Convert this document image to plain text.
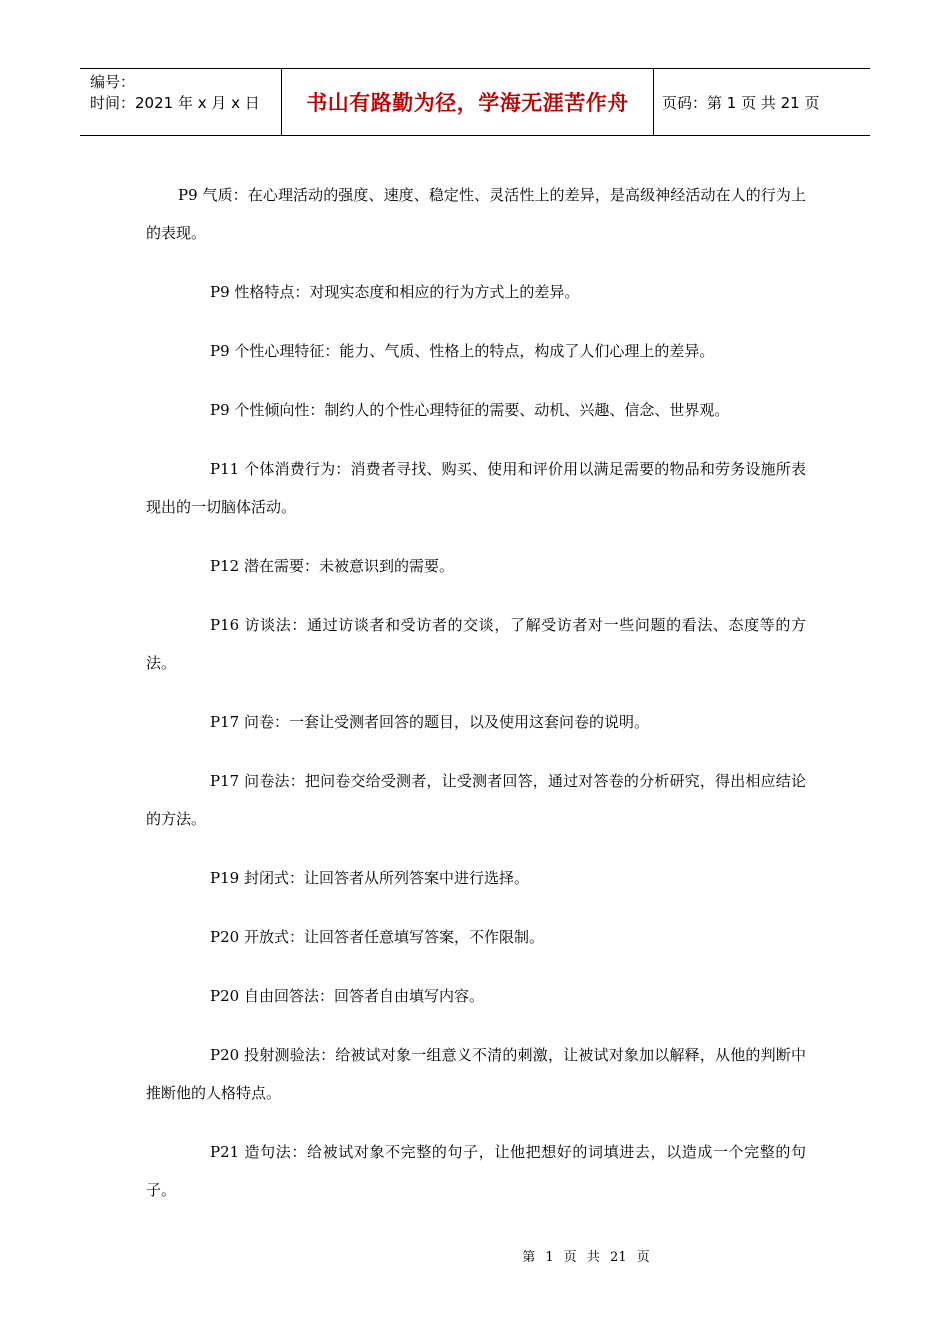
编号：
时间：2021 年 x 月 x 日	书山有路勤为径，学海无涯苦作舟	页码：第 1 页 共 21 页

P9 气质：在心理活动的强度、速度、稳定性、灵活性上的差异，是高级神经活动在人的行为上的表现。

P9 性格特点：对现实态度和相应的行为方式上的差异。

P9 个性心理特征：能力、气质、性格上的特点，构成了人们心理上的差异。

P9 个性倾向性：制约人的个性心理特征的需要、动机、兴趣、信念、世界观。

P11 个体消费行为：消费者寻找、购买、使用和评价用以满足需要的物品和劳务设施所表现出的一切脑体活动。

P12 潜在需要：未被意识到的需要。

P16 访谈法：通过访谈者和受访者的交谈，了解受访者对一些问题的看法、态度等的方法。

P17 问卷：一套让受测者回答的题目，以及使用这套问卷的说明。

P17 问卷法：把问卷交给受测者，让受测者回答，通过对答卷的分析研究，得出相应结论的方法。

P19 封闭式：让回答者从所列答案中进行选择。

P20 开放式：让回答者任意填写答案，不作限制。

P20 自由回答法：回答者自由填写内容。

P20 投射测验法：给被试对象一组意义不清的刺激，让被试对象加以解释，从他的判断中推断他的人格特点。

P21 造句法：给被试对象不完整的句子，让他把想好的词填进去，以造成一个完整的句子。

第 1 页 共 21 页
